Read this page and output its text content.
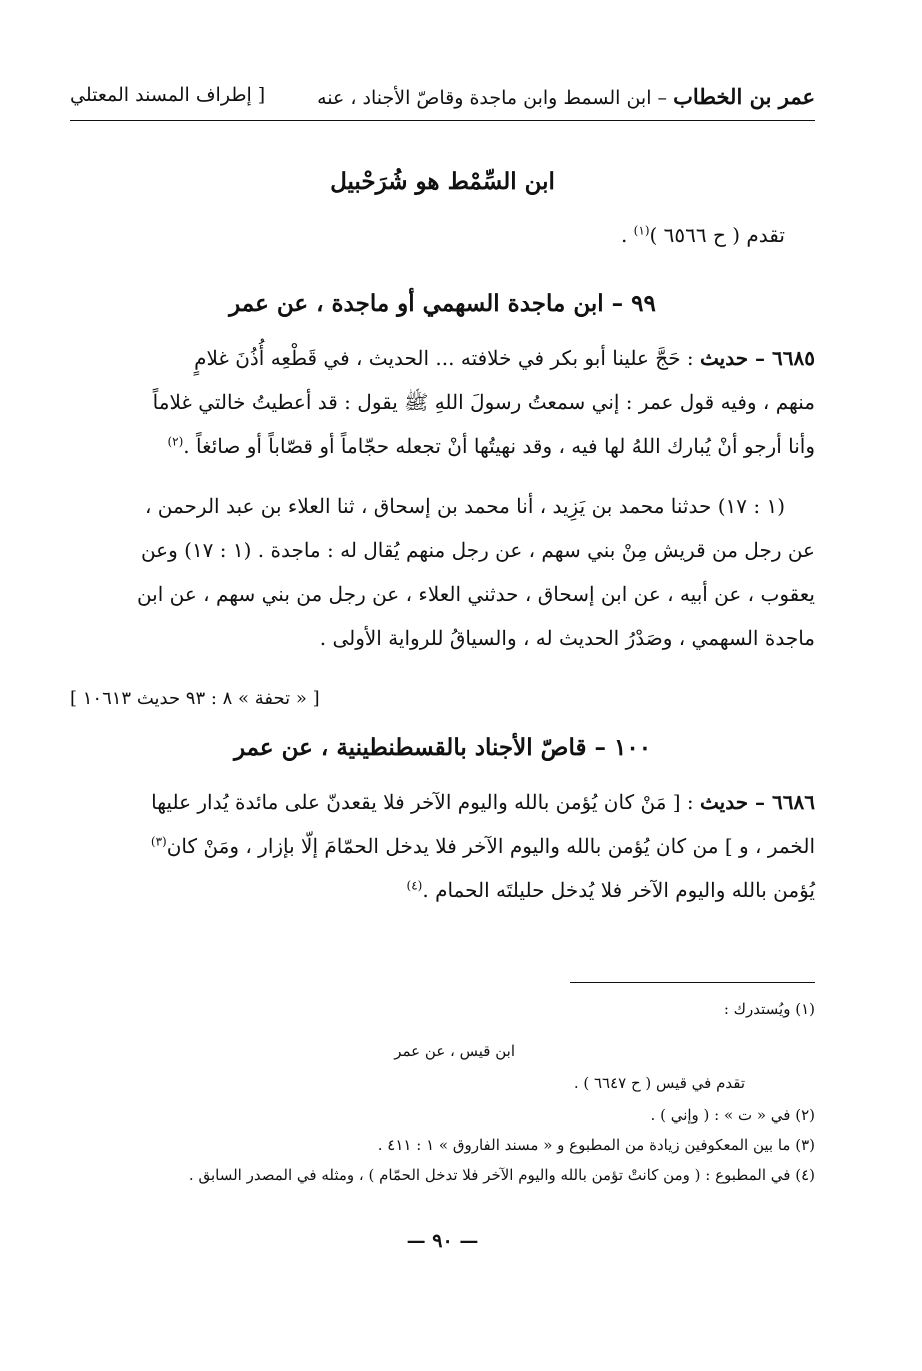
عمر بن الخطاب – ابن السمط وابن ماجدة وقاصّ الأجناد ، عنه
[ إطراف المسند المعتلي
ابن السِّمْط هو شُرَحْبيل
تقدم ( ح ٦٥٦٦ )$^{(١)}$ .
٩٩ – ابن ماجدة السهمي أو ماجدة ، عن عمر
٦٦٨٥ – حديث : حَجَّ علينا أبو بكر في خلافته ... الحديث ، في قَطْعِه أُذُنَ غلامٍ
منهم ، وفيه قول عمر : إني سمعتُ رسولَ اللهِ ﷺ يقول : قد أعطيتُ خالتي غلاماً
وأنا أرجو أنْ يُبارك اللهُ لها فيه ، وقد نهيتُها أنْ تجعله حجّاماً أو قصّاباً أو صائغاً .$^{(٢)}$
(١ : ١٧) حدثنا محمد بن يَزِيد ، أنا محمد بن إسحاق ، ثنا العلاء بن عبد الرحمن ،
عن رجل من قريش مِنْ بني سهم ، عن رجل منهم يُقال له : ماجدة . (١ : ١٧) وعن
يعقوب ، عن أبيه ، عن ابن إسحاق ، حدثني العلاء ، عن رجل من بني سهم ، عن ابن
ماجدة السهمي ، وصَدْرُ الحديث له ، والسياقُ للرواية الأولى .
[ « تحفة » ٨ : ٩٣ حديث ١٠٦١٣ ]
١٠٠ – قاصّ الأجناد بالقسطنطينية ، عن عمر
٦٦٨٦ – حديث : [ مَنْ كان يُؤمن بالله واليوم الآخر فلا يقعدنّ على مائدة يُدار عليها
الخمر ، و ] من كان يُؤمن بالله واليوم الآخر فلا يدخل الحمّامَ إلّا بإزار ، ومَنْ كان$^{(٣)}$
يُؤمن بالله واليوم الآخر فلا يُدخل حليلتَه الحمام .$^{(٤)}$
(١) ويُستدرك :
ابن قيس ، عن عمر
تقدم في قيس ( ح ٦٦٤٧ ) .
(٢) في « ت » : ( وإني ) .
(٣) ما بين المعكوفين زيادة من المطبوع و « مسند الفاروق » ١ : ٤١١ .
(٤) في المطبوع : ( ومن كانتْ تؤمن بالله واليوم الآخر فلا تدخل الحمّام ) ، ومثله في المصدر السابق .
— ٩٠ —
